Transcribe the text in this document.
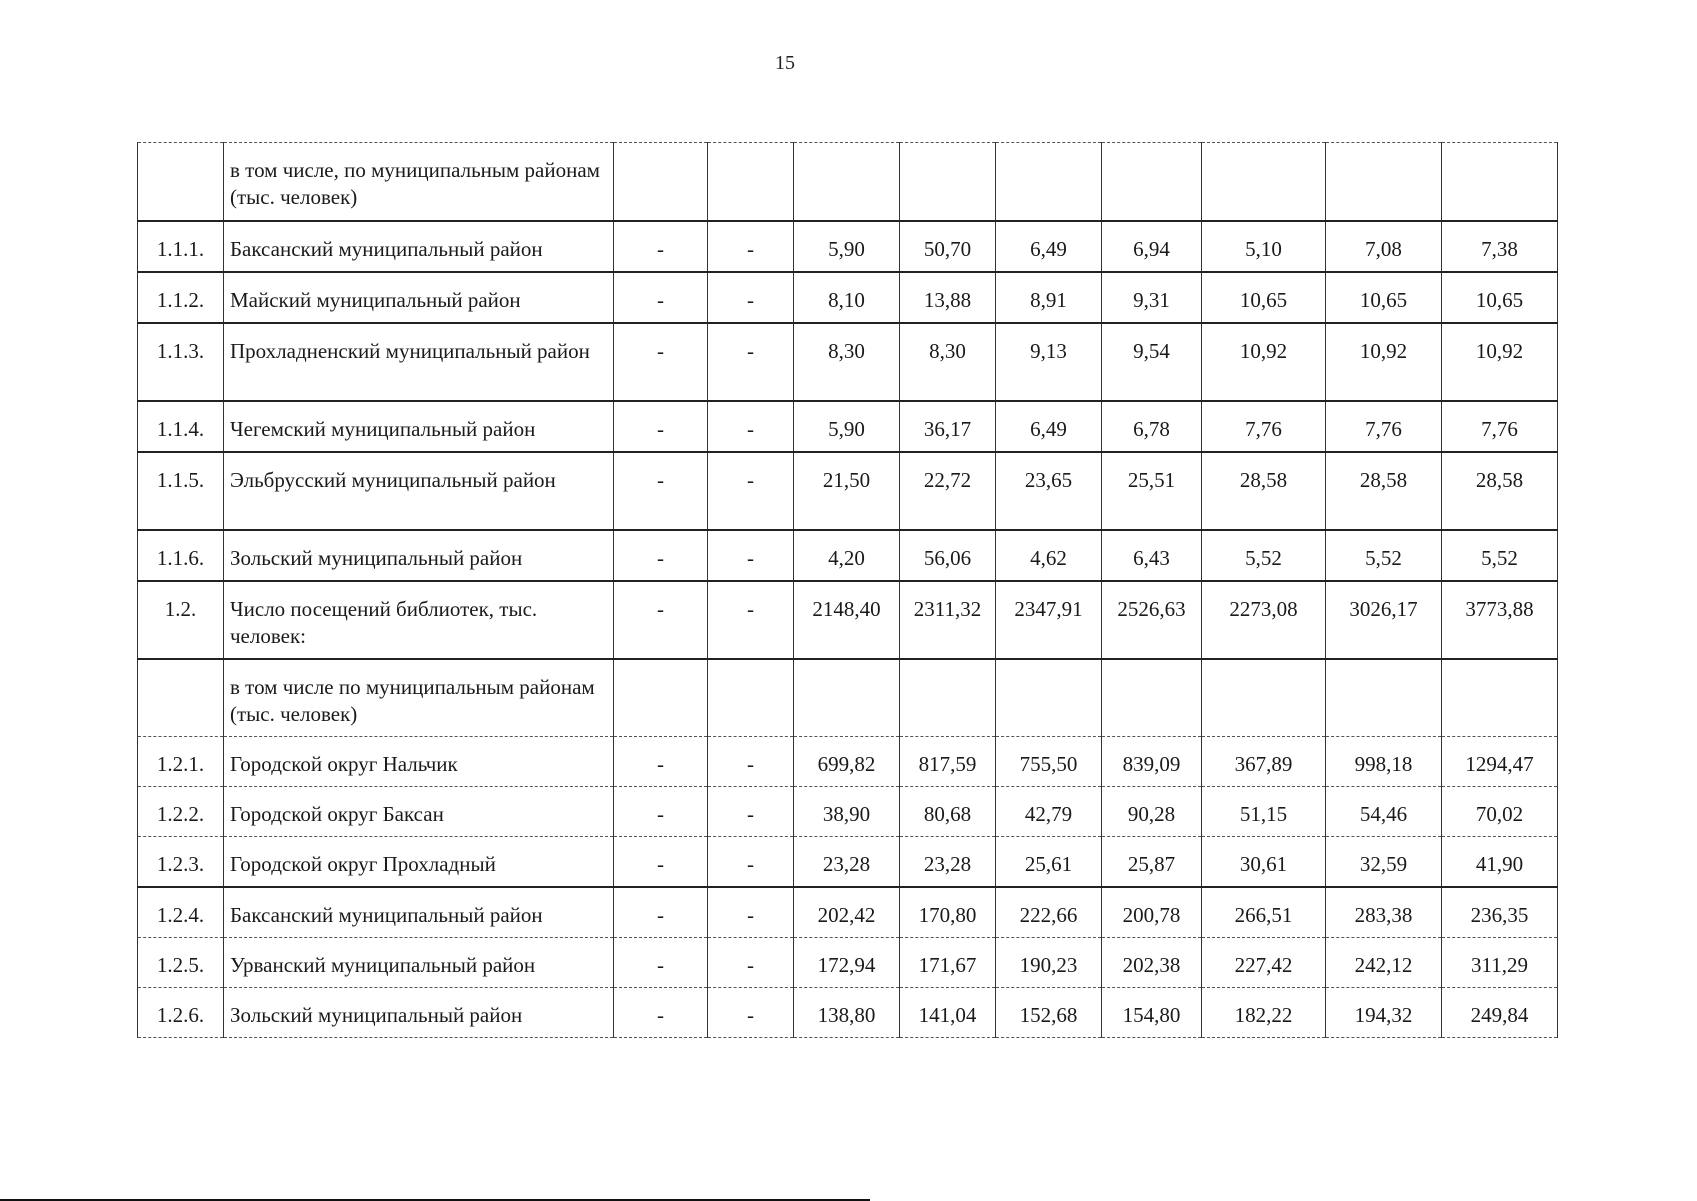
15
	в том числе, по муниципальным районам (тыс. человек)									
1.1.1.	Баксанский муниципальный район	-	-	5,90	50,70	6,49	6,94	5,10	7,08	7,38
1.1.2.	Майский муниципальный район	-	-	8,10	13,88	8,91	9,31	10,65	10,65	10,65
1.1.3.	Прохладненский муниципальный район	-	-	8,30	8,30	9,13	9,54	10,92	10,92	10,92
1.1.4.	Чегемский муниципальный район	-	-	5,90	36,17	6,49	6,78	7,76	7,76	7,76
1.1.5.	Эльбрусский муниципальный район	-	-	21,50	22,72	23,65	25,51	28,58	28,58	28,58
1.1.6.	Зольский муниципальный район	-	-	4,20	56,06	4,62	6,43	5,52	5,52	5,52
1.2.	Число посещений библиотек, тыс. человек:	-	-	2148,40	2311,32	2347,91	2526,63	2273,08	3026,17	3773,88
	в том числе по муниципальным районам (тыс. человек)									
1.2.1.	Городской округ Нальчик	-	-	699,82	817,59	755,50	839,09	367,89	998,18	1294,47
1.2.2.	Городской округ Баксан	-	-	38,90	80,68	42,79	90,28	51,15	54,46	70,02
1.2.3.	Городской округ Прохладный	-	-	23,28	23,28	25,61	25,87	30,61	32,59	41,90
1.2.4.	Баксанский муниципальный район	-	-	202,42	170,80	222,66	200,78	266,51	283,38	236,35
1.2.5.	Урванский муниципальный район	-	-	172,94	171,67	190,23	202,38	227,42	242,12	311,29
1.2.6.	Зольский муниципальный район	-	-	138,80	141,04	152,68	154,80	182,22	194,32	249,84
